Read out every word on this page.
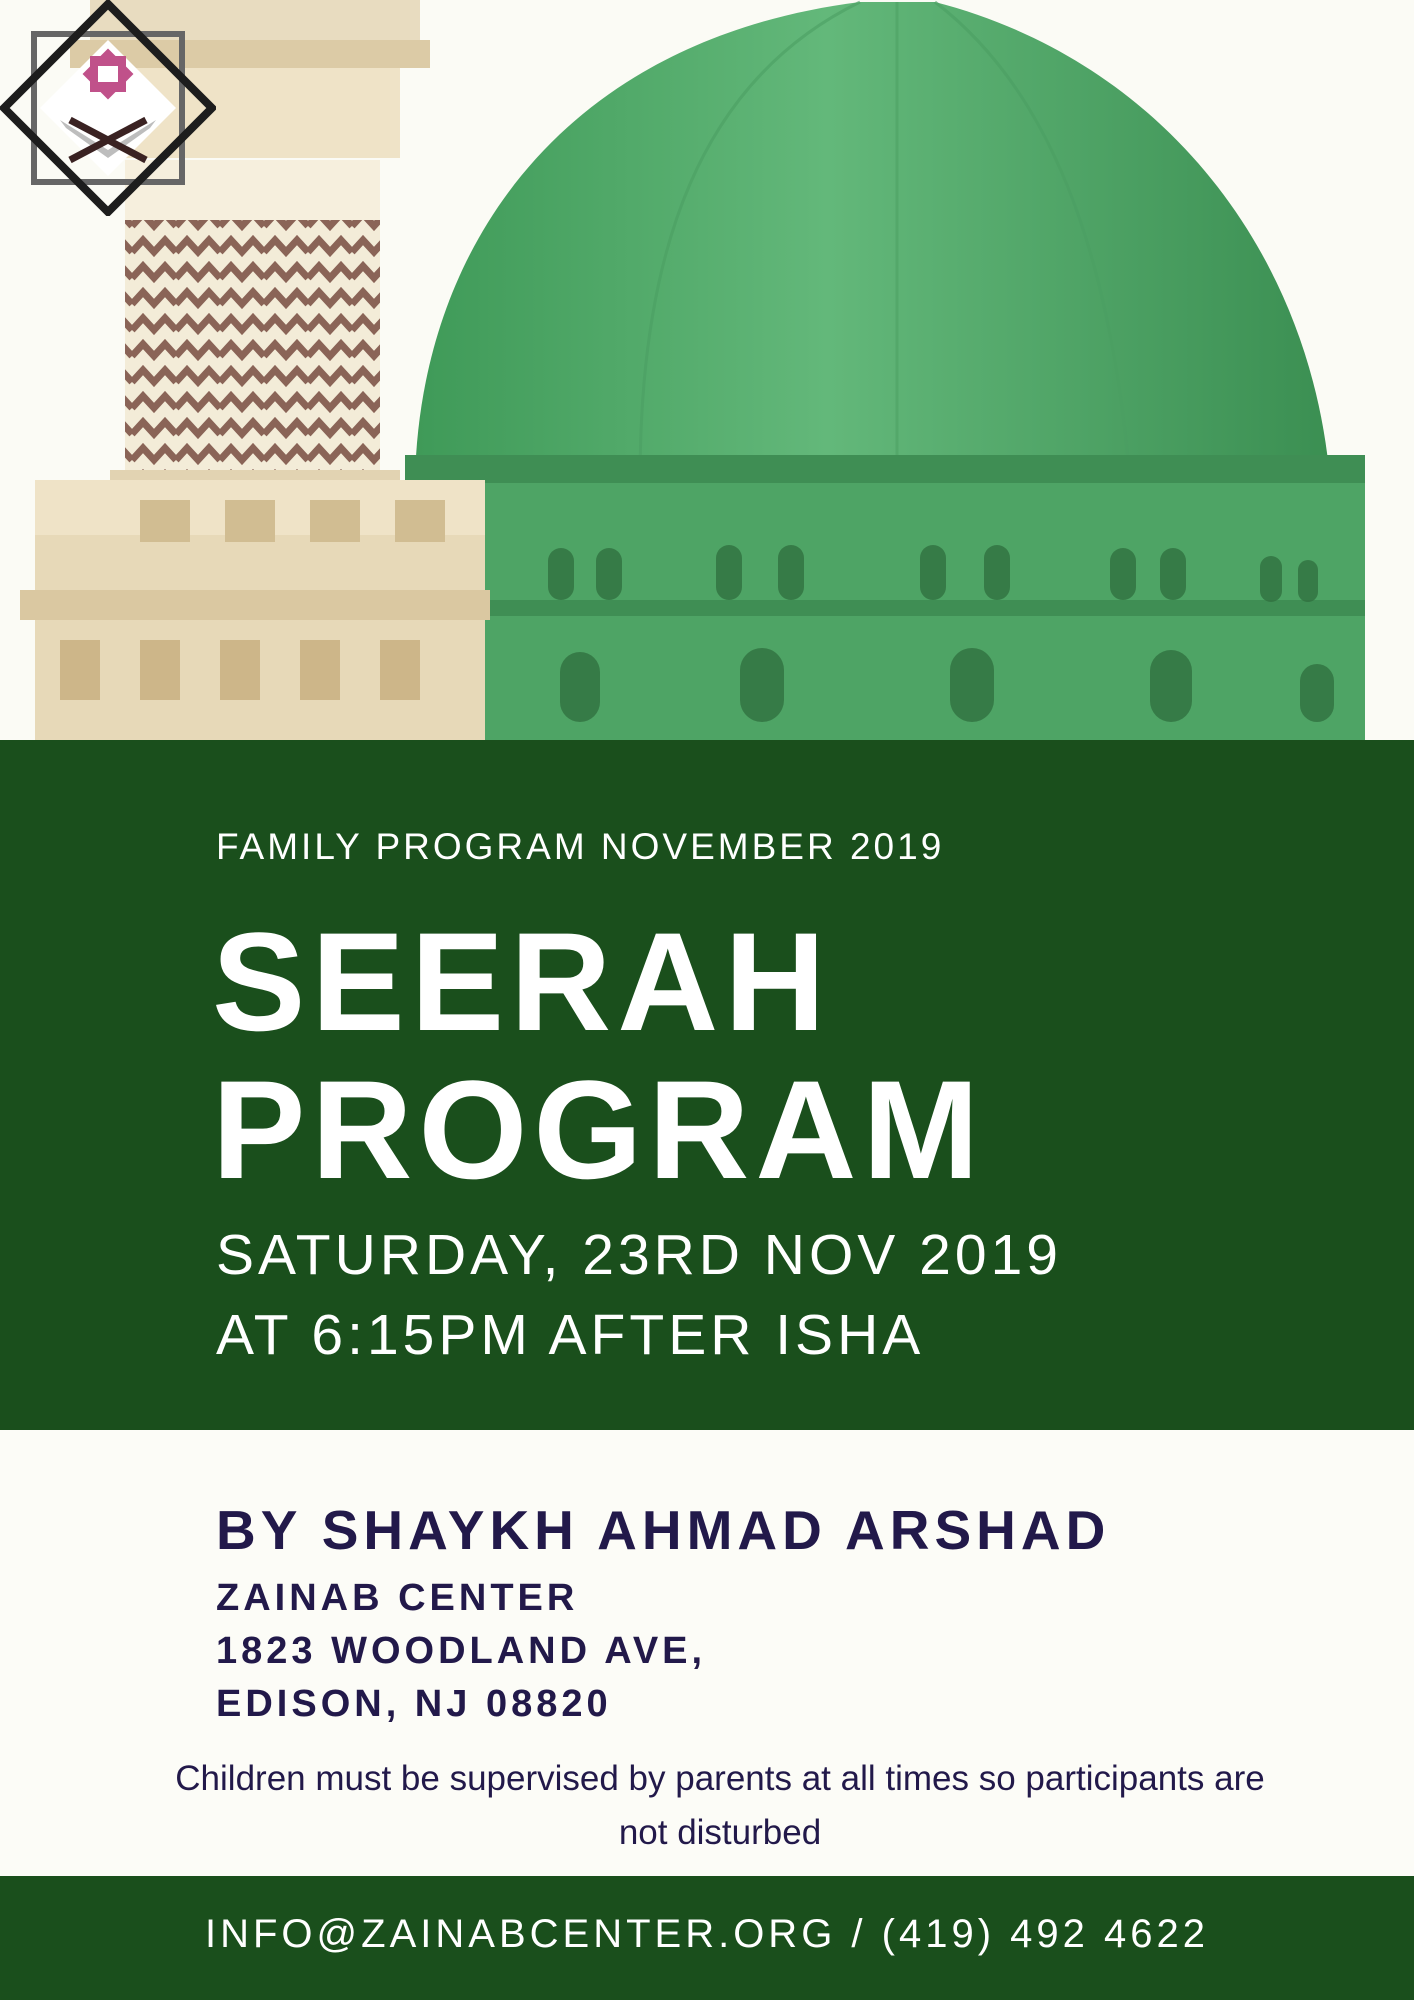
FAMILY PROGRAM NOVEMBER 2019
SEERAH
PROGRAM
SATURDAY, 23RD NOV 2019
AT 6:15PM AFTER ISHA
BY SHAYKH AHMAD ARSHAD
ZAINAB CENTER
1823 WOODLAND AVE,
EDISON, NJ 08820
Children must be supervised by parents at all times so participants are not disturbed
INFO@ZAINABCENTER.ORG / (419) 492 4622
